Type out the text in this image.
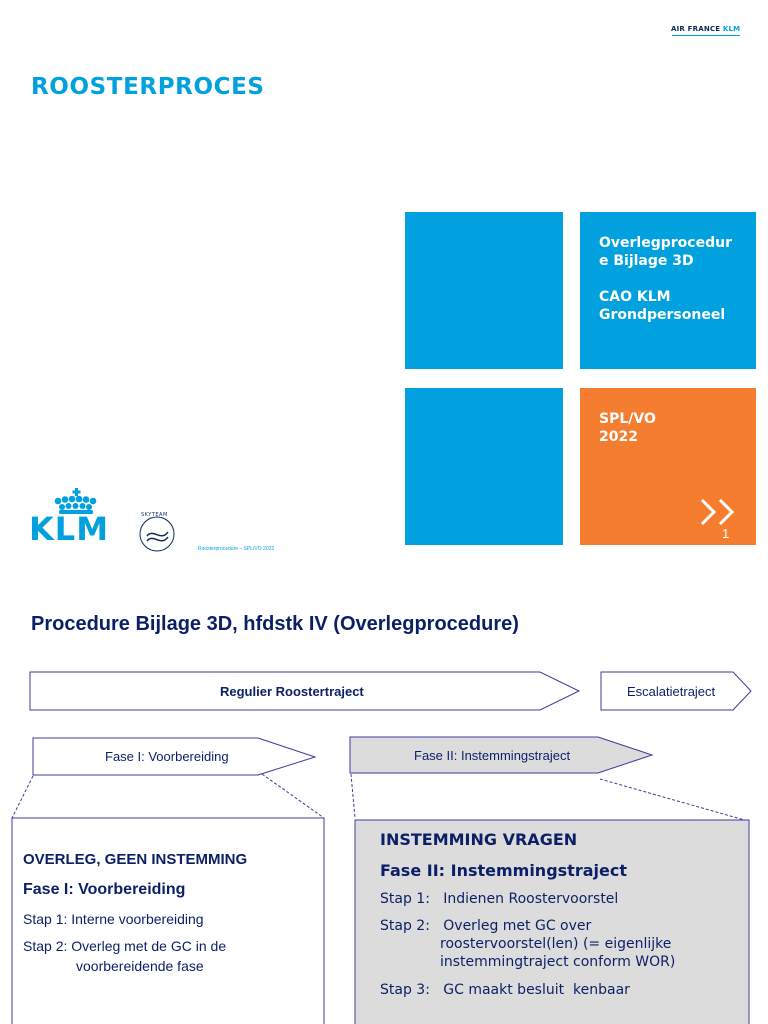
AIR FRANCE KLM
ROOSTERPROCES
Overlegprocedur
e Bijlage 3D
CAO KLM
Grondpersoneel
SPL/VO
2022
1
KLM	SKYTEAM
Roosterprocedure – SPL/VO 2022
Procedure Bijlage 3D, hfdstk IV (Overlegprocedure)
Regulier Roostertraject	Escalatietraject
Fase I: Voorbereiding	Fase II: Instemmingstraject
OVERLEG, GEEN INSTEMMING
Fase I: Voorbereiding
Stap 1: Interne voorbereiding
Stap 2: Overleg met de GC in de
voorbereidende fase
INSTEMMING VRAGEN
Fase II: Instemmingstraject
Stap 1:   Indienen Roostervoorstel
Stap 2:   Overleg met GC over
roostervoorstel(len) (= eigenlijke
instemmingtraject conform WOR)
Stap 3:   GC maakt besluit  kenbaar
